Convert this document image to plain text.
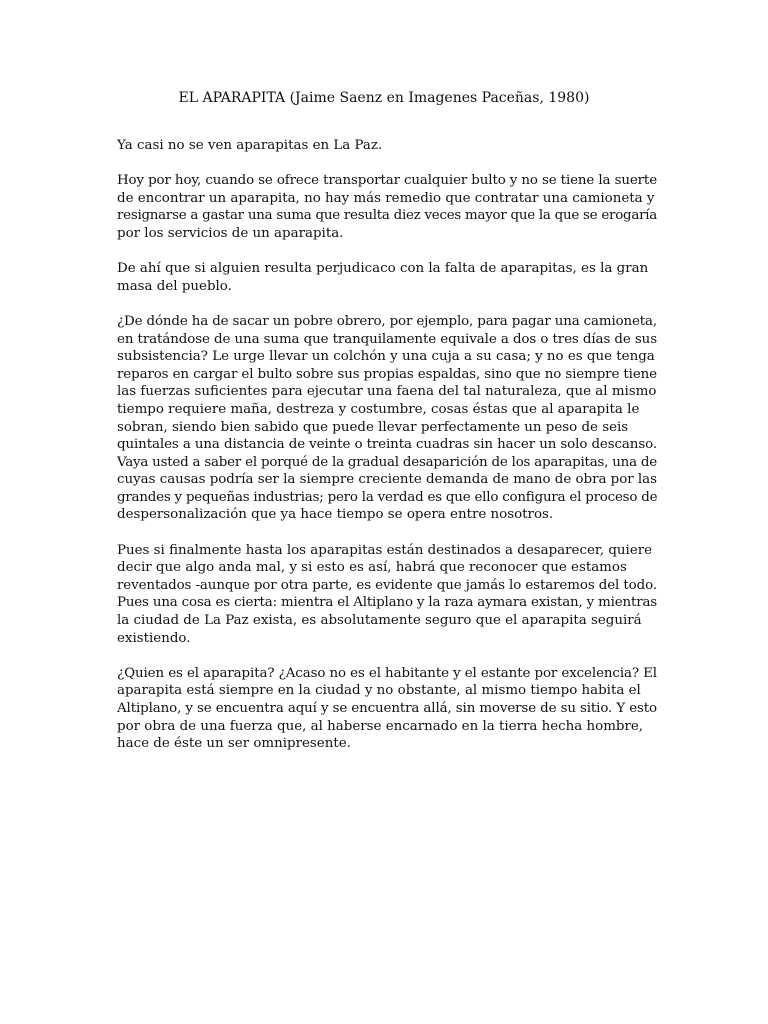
EL APARAPITA (Jaime Saenz en Imagenes Paceñas, 1980)

Ya casi no se ven aparapitas en La Paz.

Hoy por hoy, cuando se ofrece transportar cualquier bulto y no se tiene la suerte
de encontrar un aparapita, no hay más remedio que contratar una camioneta y
resignarse a gastar una suma que resulta diez veces mayor que la que se erogaría
por los servicios de un aparapita.

De ahí que si alguien resulta perjudicaco con la falta de aparapitas, es la gran
masa del pueblo.

¿De dónde ha de sacar un pobre obrero, por ejemplo, para pagar una camioneta,
en tratándose de una suma que tranquilamente equivale a dos o tres días de sus
subsistencia? Le urge llevar un colchón y una cuja a su casa; y no es que tenga
reparos en cargar el bulto sobre sus propias espaldas, sino que no siempre tiene
las fuerzas suficientes para ejecutar una faena del tal naturaleza, que al mismo
tiempo requiere maña, destreza y costumbre, cosas éstas que al aparapita le
sobran, siendo bien sabido que puede llevar perfectamente un peso de seis
quintales a una distancia de veinte o treinta cuadras sin hacer un solo descanso.
Vaya usted a saber el porqué de la gradual desaparición de los aparapitas, una de
cuyas causas podría ser la siempre creciente demanda de mano de obra por las
grandes y pequeñas industrias; pero la verdad es que ello configura el proceso de
despersonalización que ya hace tiempo se opera entre nosotros.

Pues si finalmente hasta los aparapitas están destinados a desaparecer, quiere
decir que algo anda mal, y si esto es así, habrá que reconocer que estamos
reventados -aunque por otra parte, es evidente que jamás lo estaremos del todo.
Pues una cosa es cierta: mientra el Altiplano y la raza aymara existan, y mientras
la ciudad de La Paz exista, es absolutamente seguro que el aparapita seguirá
existiendo.

¿Quien es el aparapita? ¿Acaso no es el habitante y el estante por excelencia? El
aparapita está siempre en la ciudad y no obstante, al mismo tiempo habita el
Altiplano, y se encuentra aquí y se encuentra allá, sin moverse de su sitio. Y esto
por obra de una fuerza que, al haberse encarnado en la tierra hecha hombre,
hace de éste un ser omnipresente.
